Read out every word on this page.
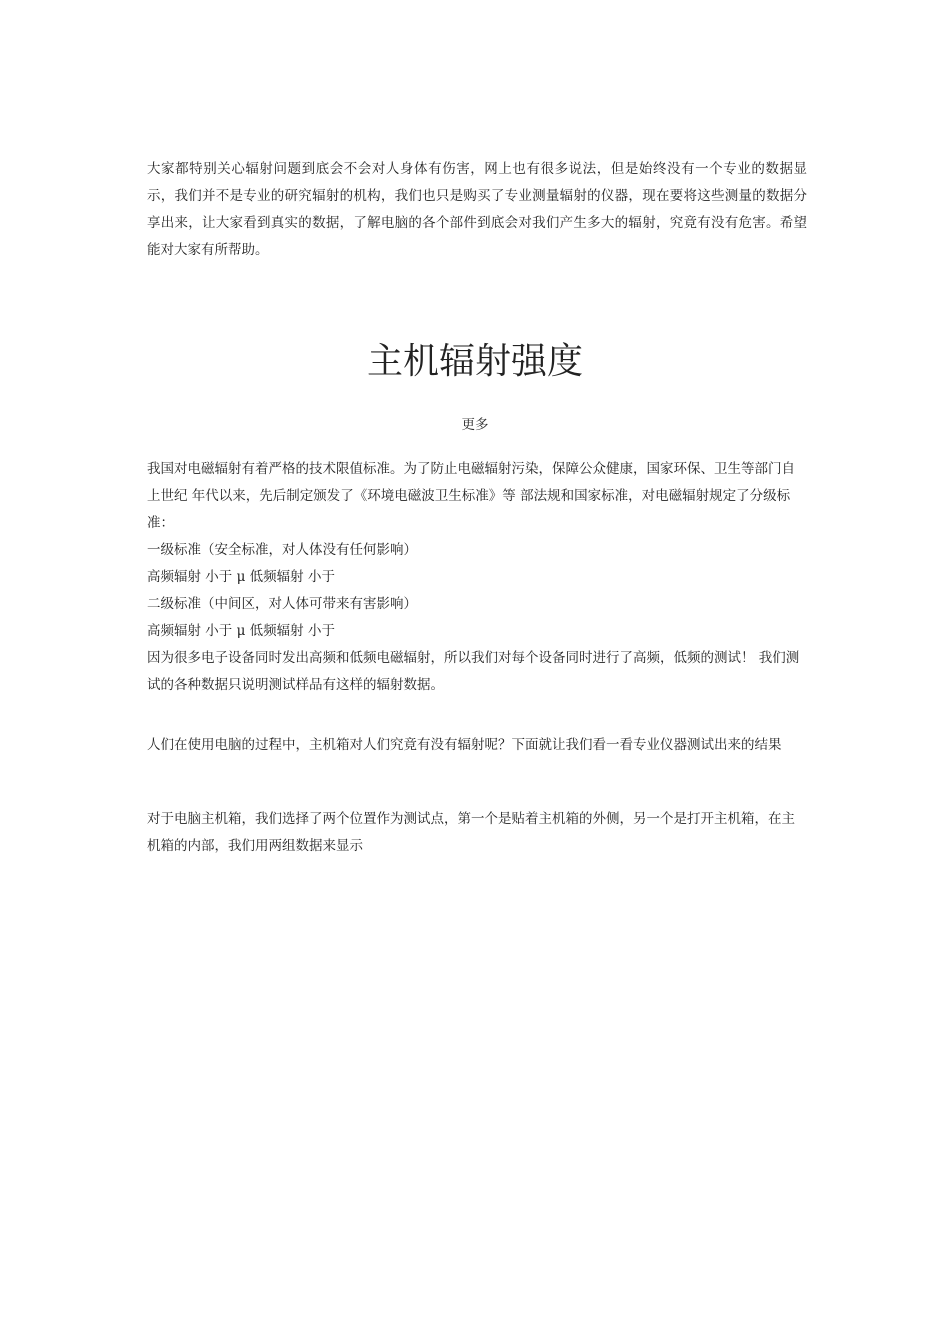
大家都特别关心辐射问题到底会不会对人身体有伤害，网上也有很多说法，但是始终没有一个专业的数据显示，我们并不是专业的研究辐射的机构，我们也只是购买了专业测量辐射的仪器，现在要将这些测量的数据分享出来，让大家看到真实的数据，了解电脑的各个部件到底会对我们产生多大的辐射，究竟有没有危害。希望能对大家有所帮助。

主机辐射强度
更多

我国对电磁辐射有着严格的技术限值标准。为了防止电磁辐射污染，保障公众健康，国家环保、卫生等部门自上世纪 年代以来，先后制定颁发了《环境电磁波卫生标准》等 部法规和国家标准，对电磁辐射规定了分级标准：

一级标准（安全标准，对人体没有任何影响）

高频辐射 小于 μ 低频辐射 小于

二级标准（中间区，对人体可带来有害影响）

高频辐射 小于 μ 低频辐射 小于

因为很多电子设备同时发出高频和低频电磁辐射，所以我们对每个设备同时进行了高频，低频的测试！ 我们测试的各种数据只说明测试样品有这样的辐射数据。

人们在使用电脑的过程中，主机箱对人们究竟有没有辐射呢？下面就让我们看一看专业仪器测试出来的结果

对于电脑主机箱，我们选择了两个位置作为测试点，第一个是贴着主机箱的外侧，另一个是打开主机箱，在主机箱的内部，我们用两组数据来显示
